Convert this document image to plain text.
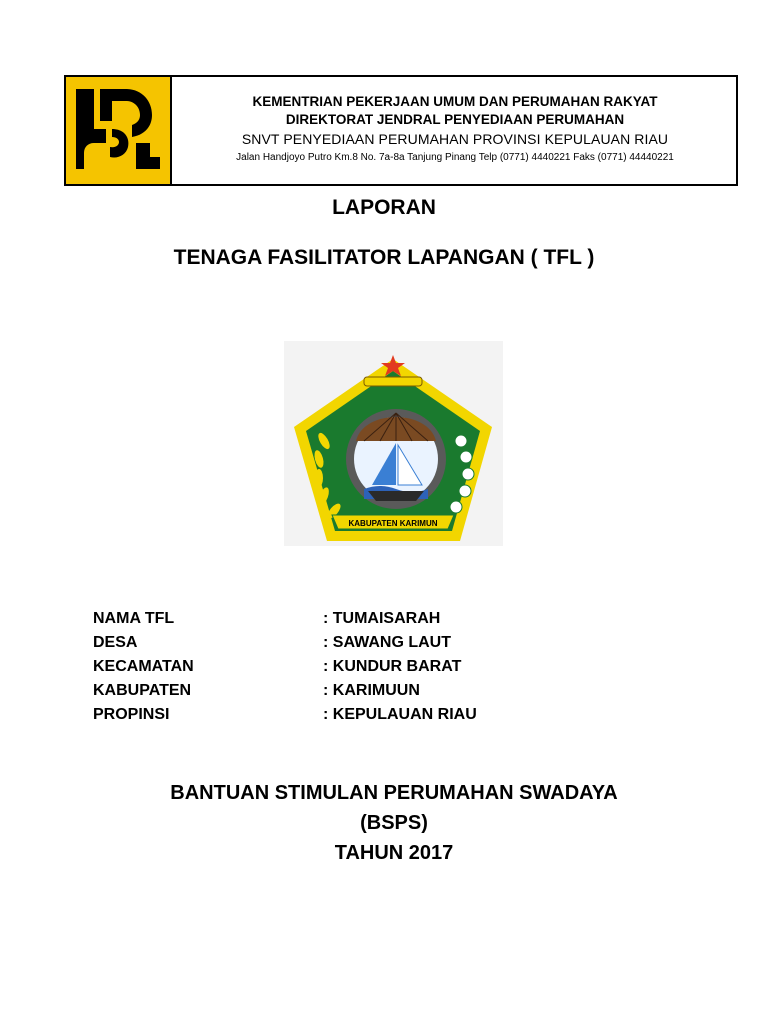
KEMENTRIAN PEKERJAAN UMUM DAN PERUMAHAN RAKYAT
DIREKTORAT JENDRAL PENYEDIAAN PERUMAHAN
SNVT PENYEDIAAN PERUMAHAN PROVINSI KEPULAUAN RIAU
Jalan Handjoyo Putro Km.8 No. 7a-8a Tanjung Pinang Telp (0771) 4440221 Faks (0771) 44440221
LAPORAN
TENAGA FASILITATOR LAPANGAN ( TFL )
KABUPATEN KARIMUN
NAMA TFL	: TUMAISARAH
DESA	: SAWANG LAUT
KECAMATAN	: KUNDUR BARAT
KABUPATEN	: KARIMUUN
PROPINSI	: KEPULAUAN RIAU
BANTUAN STIMULAN PERUMAHAN SWADAYA
(BSPS)
TAHUN 2017
